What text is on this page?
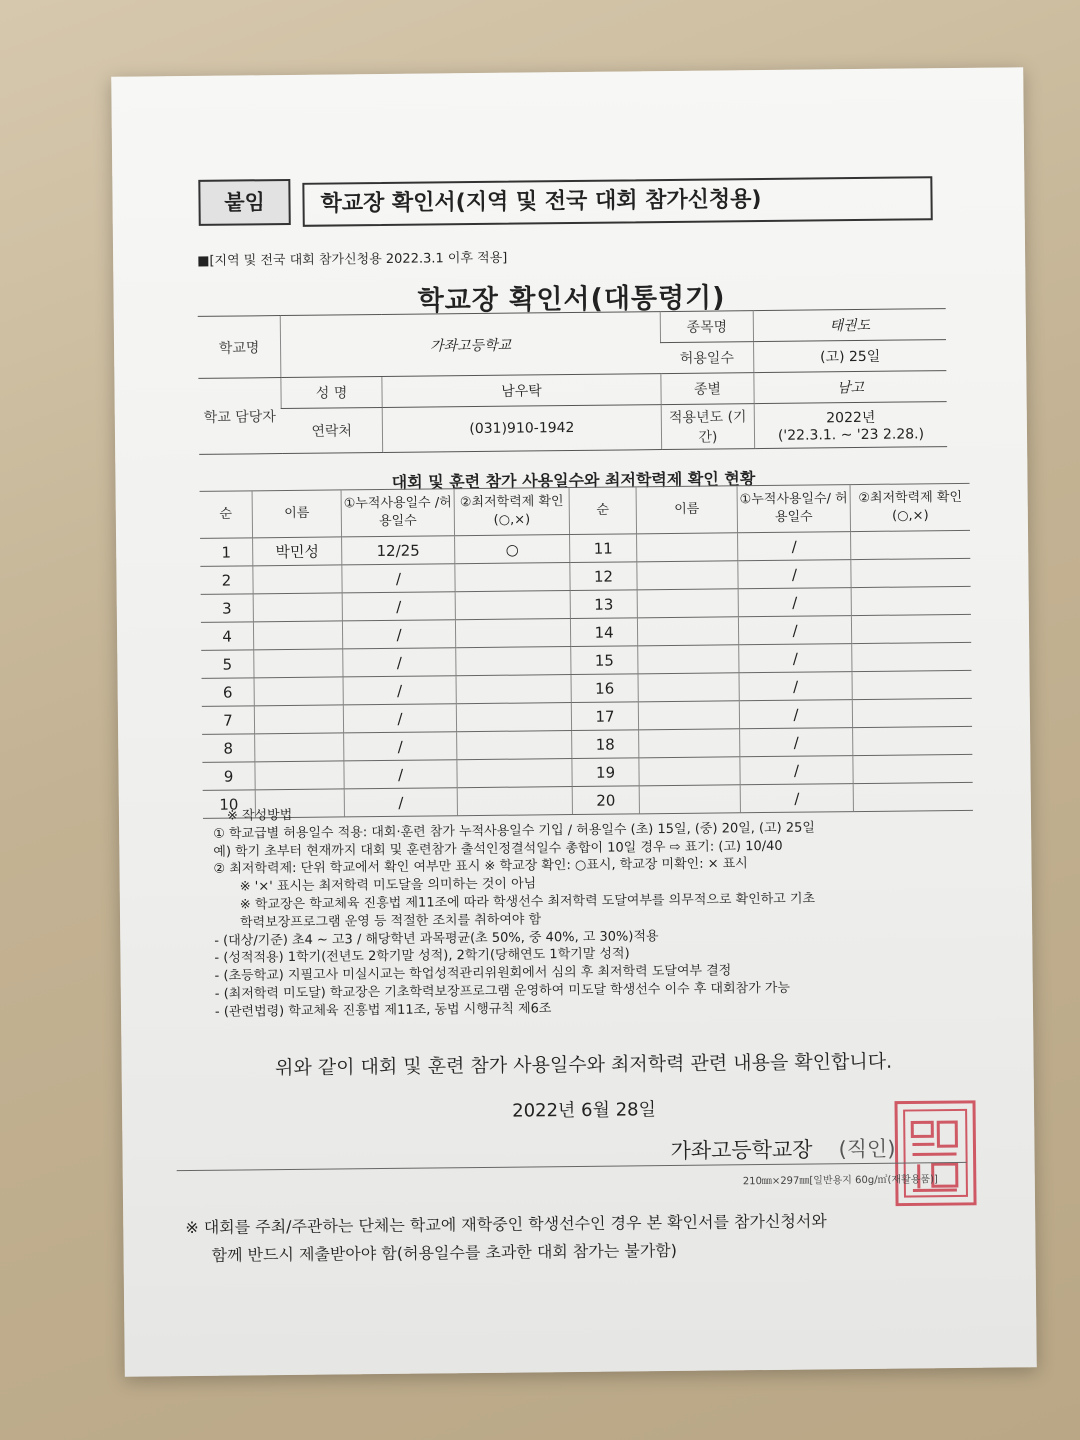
붙임	학교장 확인서(지역 및 전국 대회 참가신청용)
■[지역 및 전국 대회 참가신청용 2022.3.1 이후 적용]
학교장 확인서(대통령기)
학교명	가좌고등학교		종목명	태권도
			허용일수	(고) 25일
학교 담당자	성 명	남우탁	종별	남고
	연락처	(031)910-1942	적용년도 (기간)	2022년
('22.3.1. ~ '23 2.28.)
대회 및 훈련 참가 사용일수와 최저학력제 확인 현황
순	이름	①누적사용일수 /허용일수	②최저학력제 확인(○,×)	순	이름	①누적사용일수/ 허용일수	②최저학력제 확인(○,×)
1	박민성	12/25	○	11		/	
2		/		12		/	
3		/		13		/	
4		/		14		/	
5		/		15		/	
6		/		16		/	
7		/		17		/	
8		/		18		/	
9		/		19		/	
10		/		20		/	
※ 작성방법
① 학교급별 허용일수 적용: 대회·훈련 참가 누적사용일수 기입 / 허용일수 (초) 15일, (중) 20일, (고) 25일
예) 학기 초부터 현재까지 대회 및 훈련참가 출석인정결석일수 총합이 10일 경우 ⇨ 표기: (고) 10/40
② 최저학력제: 단위 학교에서 확인 여부만 표시 ※ 학교장 확인: ○표시, 학교장 미확인: × 표시
※ '×' 표시는 최저학력 미도달을 의미하는 것이 아님
※ 학교장은 학교체육 진흥법 제11조에 따라 학생선수 최저학력 도달여부를 의무적으로 확인하고 기초
학력보장프로그램 운영 등 적절한 조치를 취하여야 함
- (대상/기준) 초4 ~ 고3 / 해당학년 과목평균(초 50%, 중 40%, 고 30%)적용
- (성적적용) 1학기(전년도 2학기말 성적), 2학기(당해연도 1학기말 성적)
- (초등학교) 지필고사 미실시교는 학업성적관리위원회에서 심의 후 최저학력 도달여부 결정
- (최저학력 미도달) 학교장은 기초학력보장프로그램 운영하여 미도달 학생선수 이수 후 대회참가 가능
- (관련법령) 학교체육 진흥법 제11조, 동법 시행규칙 제6조
위와 같이 대회 및 훈련 참가 사용일수와 최저학력 관련 내용을 확인합니다.
2022년 6월 28일
가좌고등학교장 (직인)
210㎜×297㎜[일반용지 60g/㎡(재활용품)]
※ 대회를 주최/주관하는 단체는 학교에 재학중인 학생선수인 경우 본 확인서를 참가신청서와
함께 반드시 제출받아야 함(허용일수를 초과한 대회 참가는 불가함)
